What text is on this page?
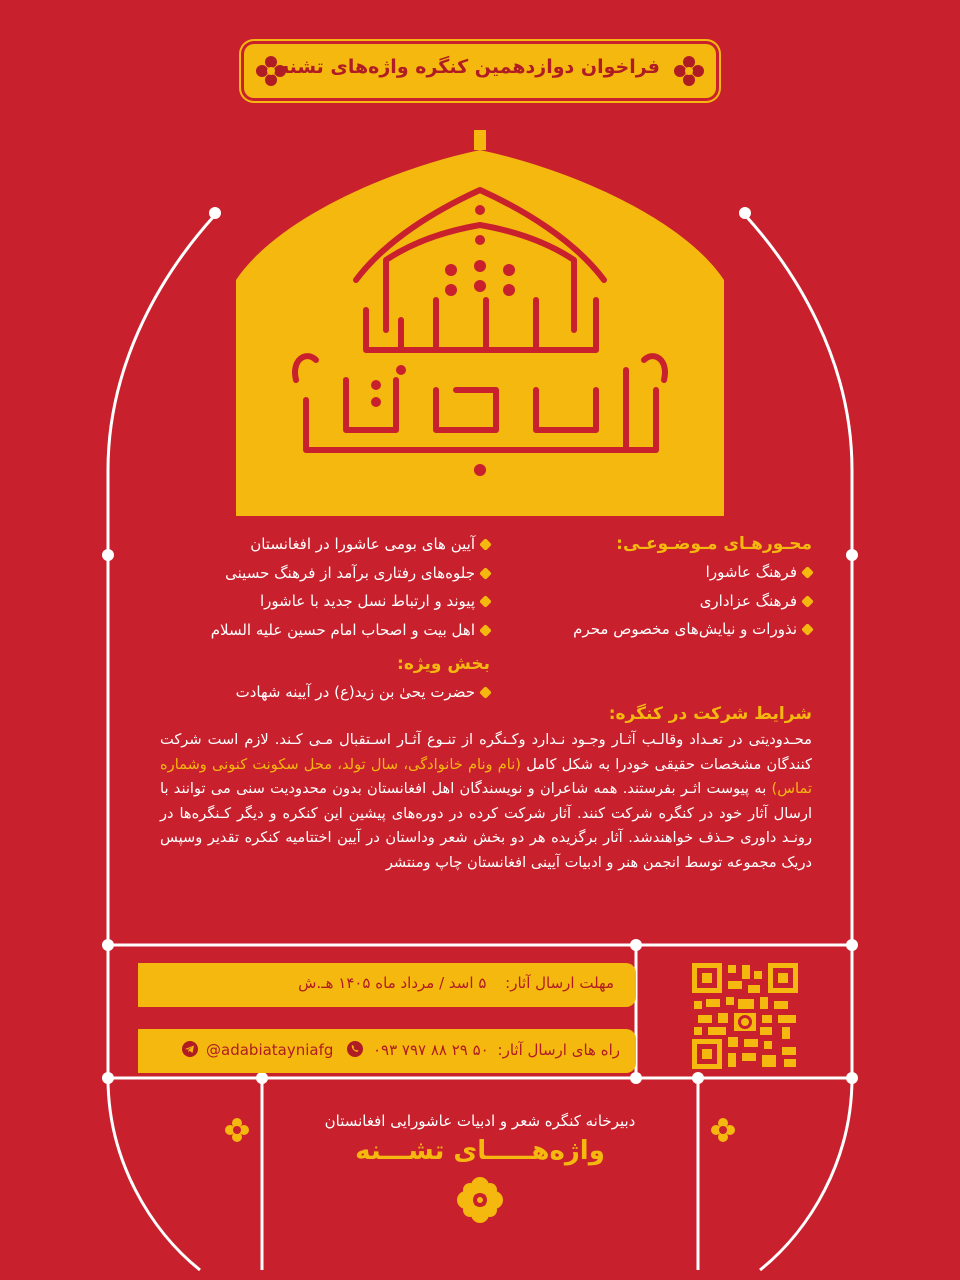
فراخوان دوازدهمین کنگره واژه‌های تشنه
محـورهـای مـوضـوعـی:
فرهنگ عاشورا
فرهنگ عزاداری
نذورات و نیایش‌های مخصوص محرم
آیین های بومی عاشورا در افغانستان
جلوه‌های رفتاری برآمد از فرهنگ حسینی
پیوند و ارتباط نسل جدید با عاشورا
اهل بیت و اصحاب امام حسین علیه السلام
بخش ویژه:
حضرت یحیٰ بن زید(ع) در آیینه شهادت
شرایط شرکت در کنگره:
محـدودیتی در تعـداد وقالـب آثـار وجـود نـدارد وکـنگره از تنـوع آثـار اسـتقبال مـی کـند. لازم است شرکت کنندگان مشخصات حقیقی خودرا به شکل کامل (نام ونام خانوادگی، سال تولد، محل سکونت کنونی وشماره تماس) به پیوست اثـر بفرستند. همه شاعران و نویسندگان اهل افغانستان بدون محدودیت سنی می توانند با ارسال آثار خود در کنگره شرکت کنند. آثار شرکت کرده در دوره‌های پیشین این کنکره و دیگر کـنگره‌ها در رونـد داوری حـذف خواهندشد. آثار برگزیده هر دو بخش شعر وداستان در آیین اختتامیه کنکره تقدیر وسپس دریک مجموعه توسط انجمن هنر و ادبیات آیینی افغانستان چاپ ومنتشر
مهلت ارسال آثار: ۵ اسد / مرداد ماه ۱۴۰۵ هـ.ش
راه های ارسال آثار: ۰۹۳ ۷۹۷ ۸۸ ۲۹ ۵۰  @adabiatayniafg
دبیرخانه کنگره شعر و ادبیات عاشورایی افغانستان
واژه‌هـــــای تشـــنه
